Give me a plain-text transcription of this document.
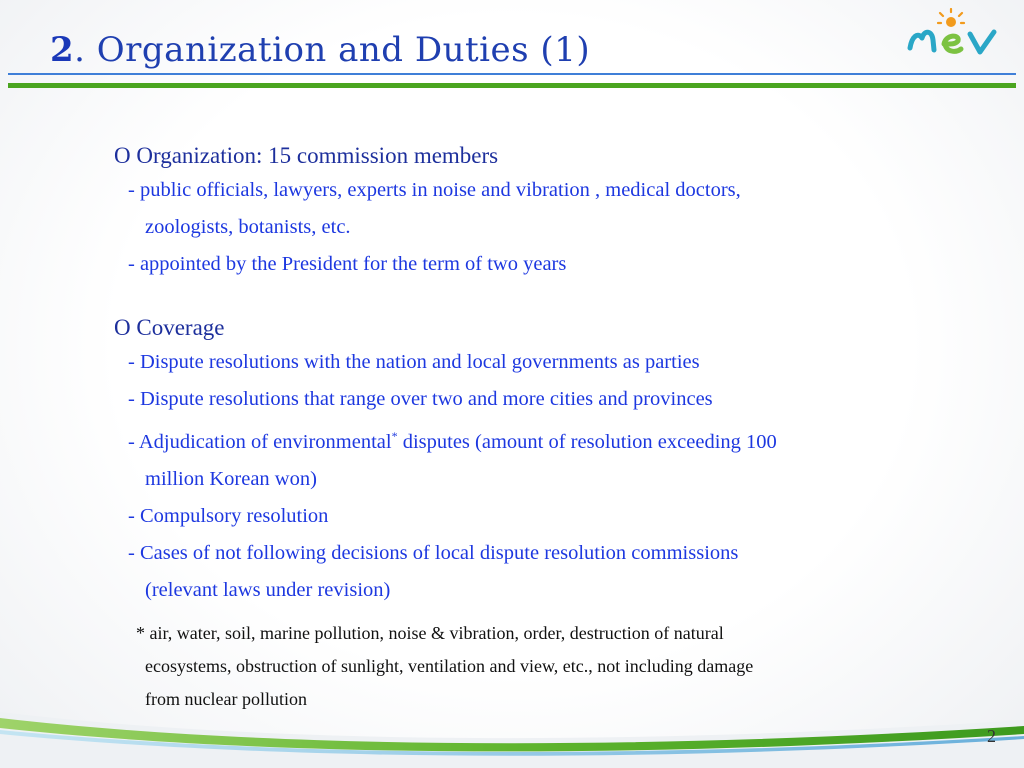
2. Organization and Duties (1)

O Organization: 15 commission members

- public officials, lawyers, experts in noise and vibration , medical doctors,
zoologists, botanists, etc.

- appointed by the President for the term of two years

O Coverage

- Dispute resolutions with the nation and local governments as parties

- Dispute resolutions that range over two and more cities and provinces

- Adjudication of environmental* disputes (amount of resolution exceeding 100
million Korean won)

- Compulsory resolution

- Cases of not following decisions of local dispute resolution commissions
(relevant laws under revision)

* air, water, soil, marine pollution, noise & vibration, order, destruction of natural
ecosystems, obstruction of sunlight, ventilation and view, etc., not including damage
from nuclear pollution

2
